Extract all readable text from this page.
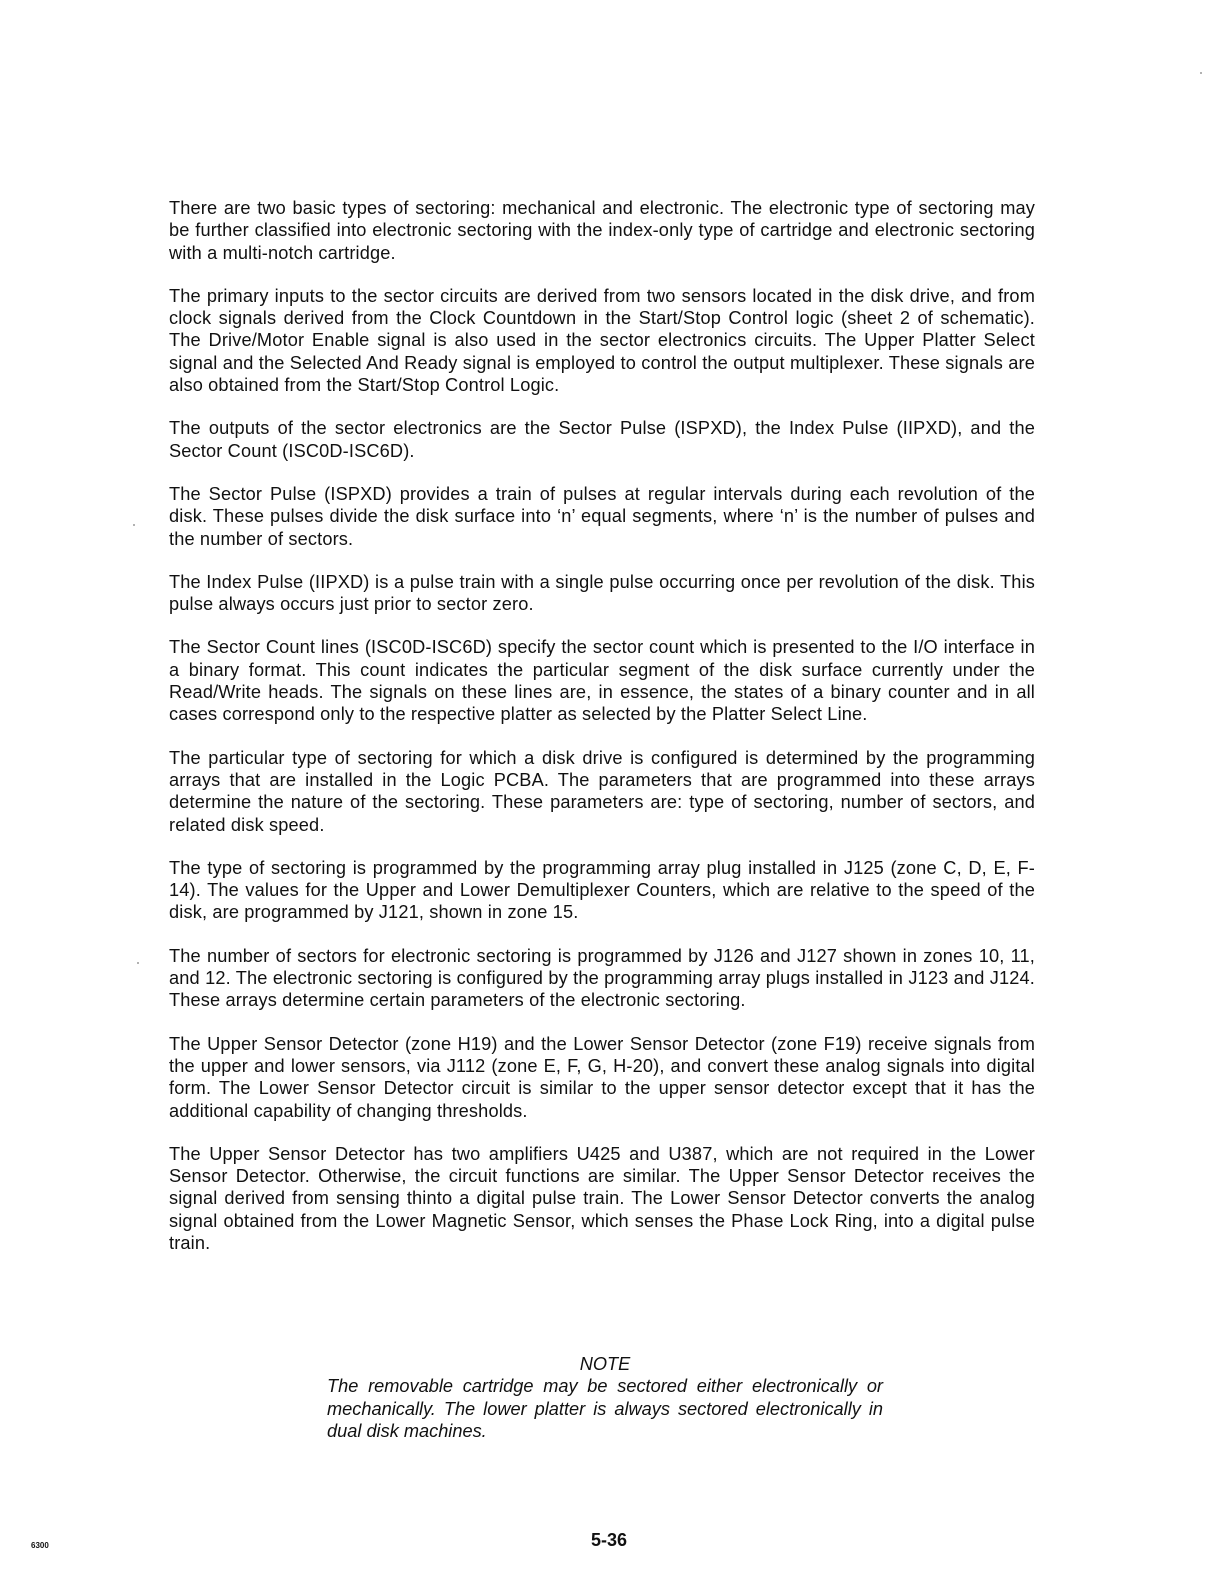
There are two basic types of sectoring: mechanical and electronic. The electronic type of sectoring may be further classified into electronic sectoring with the index-only type of cartridge and electronic sectoring with a multi-notch cartridge.

The primary inputs to the sector circuits are derived from two sensors located in the disk drive, and from clock signals derived from the Clock Countdown in the Start/Stop Control logic (sheet 2 of schematic). The Drive/Motor Enable signal is also used in the sector electronics circuits. The Upper Platter Select signal and the Selected And Ready signal is employed to control the output multiplexer. These signals are also obtained from the Start/Stop Control Logic.

The outputs of the sector electronics are the Sector Pulse (ISPXD), the Index Pulse (IIPXD), and the Sector Count (ISC0D-ISC6D).

The Sector Pulse (ISPXD) provides a train of pulses at regular intervals during each revolution of the disk. These pulses divide the disk surface into ‘n’ equal segments, where ‘n’ is the number of pulses and the number of sectors.

The Index Pulse (IIPXD) is a pulse train with a single pulse occurring once per revolution of the disk. This pulse always occurs just prior to sector zero.

The Sector Count lines (ISC0D-ISC6D) specify the sector count which is presented to the I/O interface in a binary format. This count indicates the particular segment of the disk surface currently under the Read/Write heads. The signals on these lines are, in essence, the states of a binary counter and in all cases correspond only to the respective platter as selected by the Platter Select Line.

The particular type of sectoring for which a disk drive is configured is determined by the programming arrays that are installed in the Logic PCBA. The parameters that are programmed into these arrays determine the nature of the sectoring. These parameters are: type of sectoring, number of sectors, and related disk speed.

The type of sectoring is programmed by the programming array plug installed in J125 (zone C, D, E, F-14). The values for the Upper and Lower Demultiplexer Counters, which are relative to the speed of the disk, are programmed by J121, shown in zone 15.

The number of sectors for electronic sectoring is programmed by J126 and J127 shown in zones 10, 11, and 12. The electronic sectoring is configured by the programming array plugs installed in J123 and J124. These arrays determine certain parameters of the electronic sectoring.

The Upper Sensor Detector (zone H19) and the Lower Sensor Detector (zone F19) receive signals from the upper and lower sensors, via J112 (zone E, F, G, H-20), and convert these analog signals into digital form. The Lower Sensor Detector circuit is similar to the upper sensor detector except that it has the additional capability of changing thresholds.

The Upper Sensor Detector has two amplifiers U425 and U387, which are not required in the Lower Sensor Detector. Otherwise, the circuit functions are similar. The Upper Sensor Detector receives the signal derived from sensing thinto a digital pulse train. The Lower Sensor Detector converts the analog signal obtained from the Lower Magnetic Sensor, which senses the Phase Lock Ring, into a digital pulse train.

NOTE

The removable cartridge may be sectored either electronically or mechanically. The lower platter is always sectored electronically in dual disk machines.

6300	5-36
